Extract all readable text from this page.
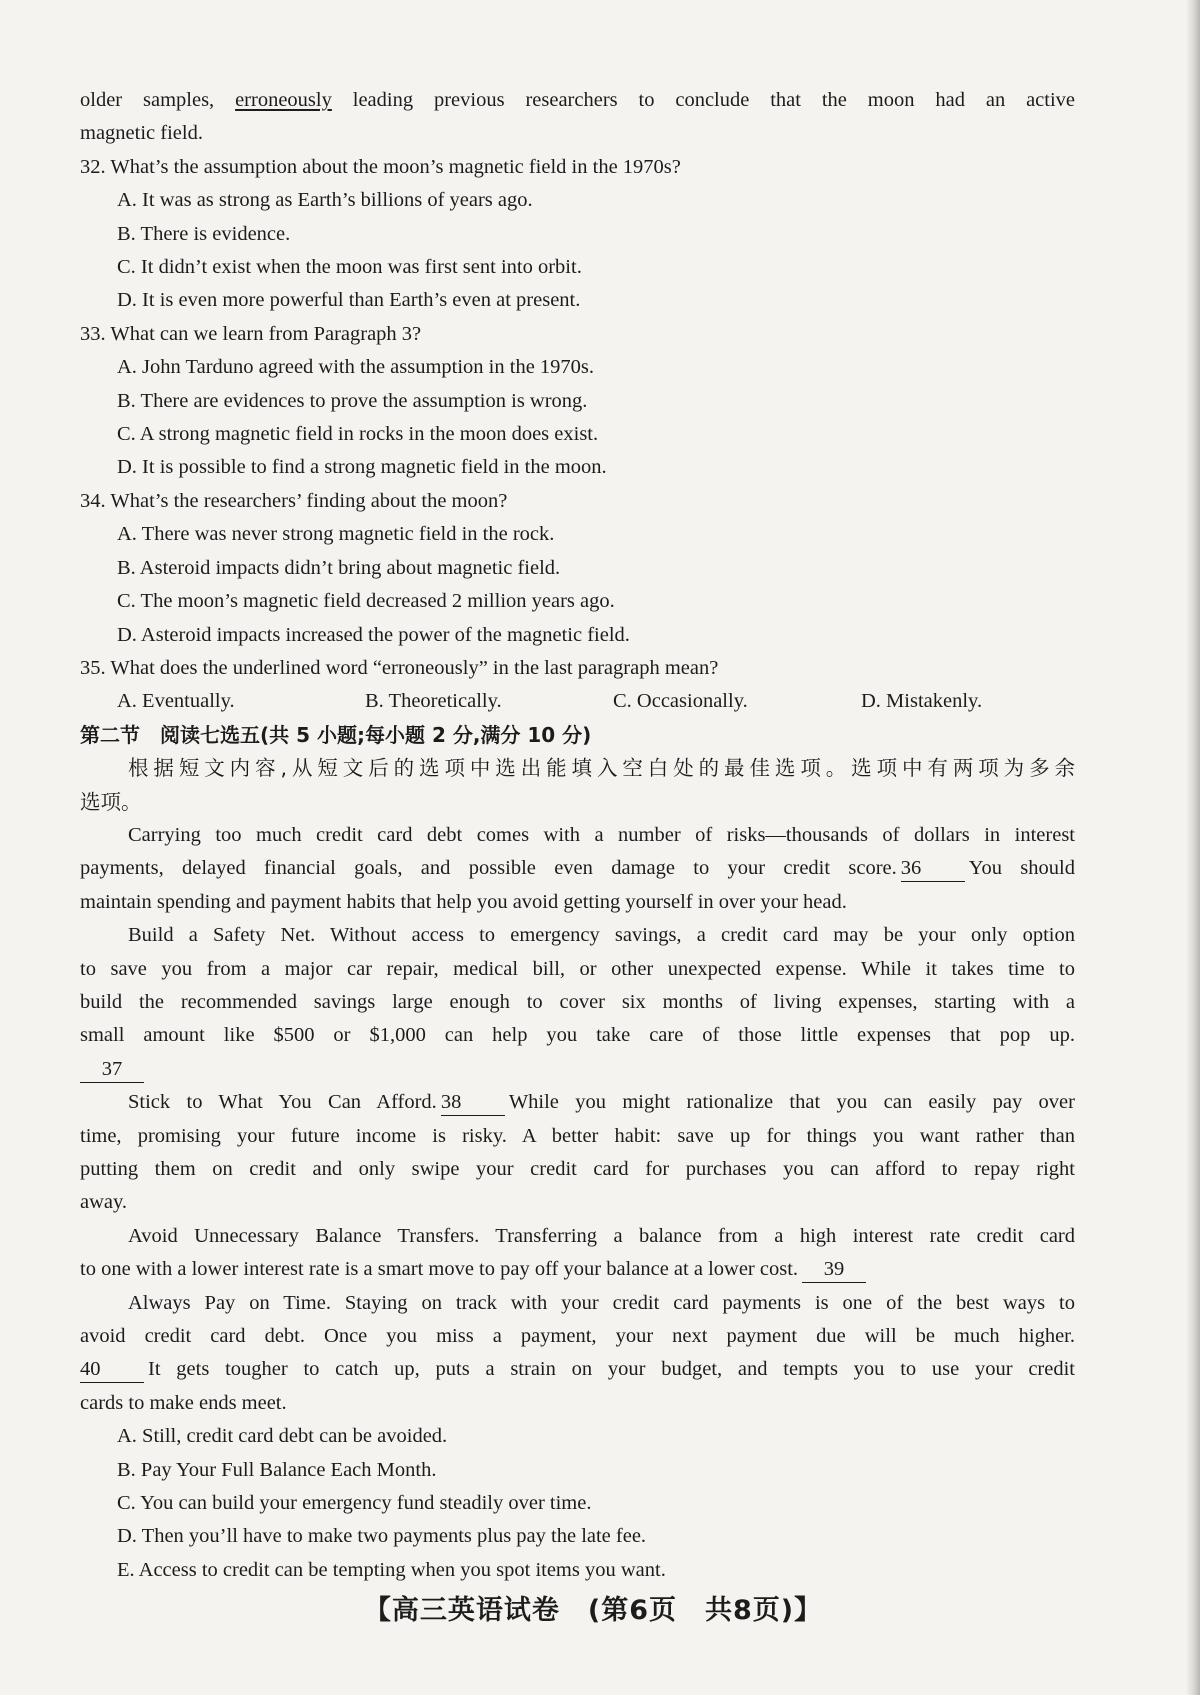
older samples, erroneously leading previous researchers to conclude that the moon had an active

magnetic field.

32. What’s the assumption about the moon’s magnetic field in the 1970s?

A. It was as strong as Earth’s billions of years ago.

B. There is evidence.

C. It didn’t exist when the moon was first sent into orbit.

D. It is even more powerful than Earth’s even at present.

33. What can we learn from Paragraph 3?

A. John Tarduno agreed with the assumption in the 1970s.

B. There are evidences to prove the assumption is wrong.

C. A strong magnetic field in rocks in the moon does exist.

D. It is possible to find a strong magnetic field in the moon.

34. What’s the researchers’ finding about the moon?

A. There was never strong magnetic field in the rock.

B. Asteroid impacts didn’t bring about magnetic field.

C. The moon’s magnetic field decreased 2 million years ago.

D. Asteroid impacts increased the power of the magnetic field.

35. What does the underlined word “erroneously” in the last paragraph mean?

A. Eventually.	B. Theoretically.	C. Occasionally.	D. Mistakenly.

第二节　阅读七选五(共 5 小题;每小题 2 分,满分 10 分)

根据短文内容,从短文后的选项中选出能填入空白处的最佳选项。选项中有两项为多余

选项。

Carrying too much credit card debt comes with a number of risks—thousands of dollars in interest

payments, delayed financial goals, and possible even damage to your credit score. 36 You should

maintain spending and payment habits that help you avoid getting yourself in over your head.

Build a Safety Net. Without access to emergency savings, a credit card may be your only option

to save you from a major car repair, medical bill, or other unexpected expense. While it takes time to

build the recommended savings large enough to cover six months of living expenses, starting with a

small amount like $500 or $1,000 can help you take care of those little expenses that pop up.

37

Stick to What You Can Afford. 38 While you might rationalize that you can easily pay over

time, promising your future income is risky. A better habit: save up for things you want rather than

putting them on credit and only swipe your credit card for purchases you can afford to repay right

away.

Avoid Unnecessary Balance Transfers. Transferring a balance from a high interest rate credit card

to one with a lower interest rate is a smart move to pay off your balance at a lower cost. 39

Always Pay on Time. Staying on track with your credit card payments is one of the best ways to

avoid credit card debt. Once you miss a payment, your next payment due will be much higher.

40 It gets tougher to catch up, puts a strain on your budget, and tempts you to use your credit

cards to make ends meet.

A. Still, credit card debt can be avoided.

B. Pay Your Full Balance Each Month.

C. You can build your emergency fund steadily over time.

D. Then you’ll have to make two payments plus pay the late fee.

E. Access to credit can be tempting when you spot items you want.

【高三英语试卷　(第6页　共8页)】
